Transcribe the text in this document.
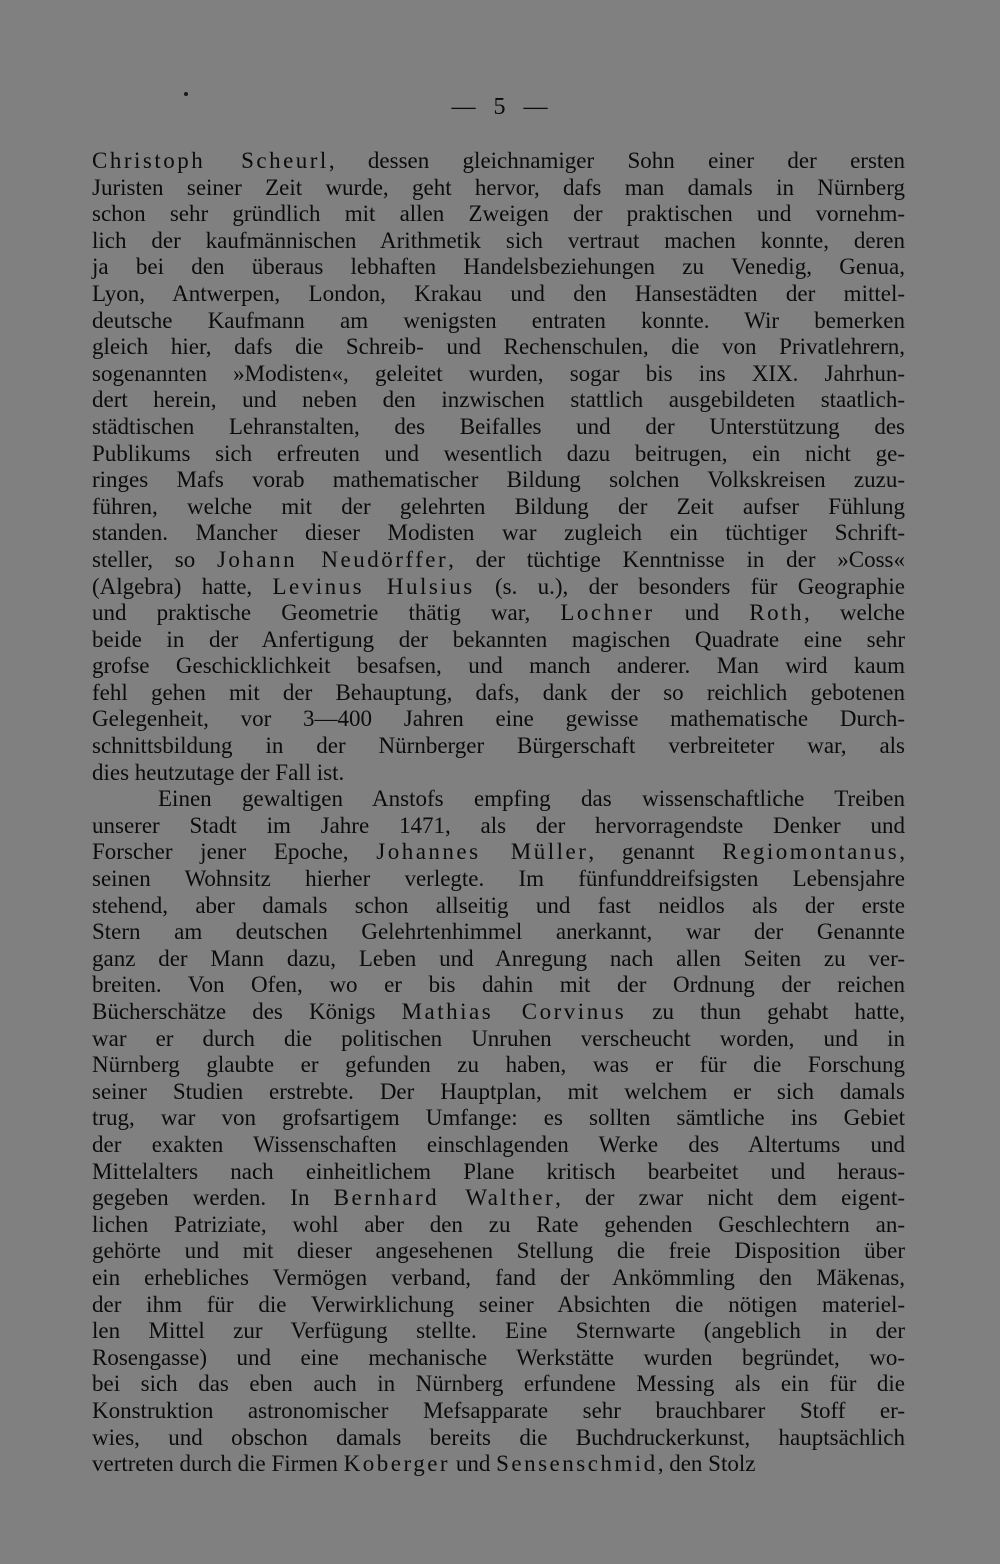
— 5 —
Christoph Scheurl, dessen gleichnamiger Sohn einer der ersten
Juristen seiner Zeit wurde, geht hervor, dafs man damals in Nürnberg
schon sehr gründlich mit allen Zweigen der praktischen und vornehm-
lich der kaufmännischen Arithmetik sich vertraut machen konnte, deren
ja bei den überaus lebhaften Handelsbeziehungen zu Venedig, Genua,
Lyon, Antwerpen, London, Krakau und den Hansestädten der mittel-
deutsche Kaufmann am wenigsten entraten konnte. Wir bemerken
gleich hier, dafs die Schreib- und Rechenschulen, die von Privatlehrern,
sogenannten »Modisten«, geleitet wurden, sogar bis ins XIX. Jahrhun-
dert herein, und neben den inzwischen stattlich ausgebildeten staatlich-
städtischen Lehranstalten, des Beifalles und der Unterstützung des
Publikums sich erfreuten und wesentlich dazu beitrugen, ein nicht ge-
ringes Mafs vorab mathematischer Bildung solchen Volkskreisen zuzu-
führen, welche mit der gelehrten Bildung der Zeit aufser Fühlung
standen. Mancher dieser Modisten war zugleich ein tüchtiger Schrift-
steller, so Johann Neudörffer, der tüchtige Kenntnisse in der »Coss«
(Algebra) hatte, Levinus Hulsius (s. u.), der besonders für Geographie
und praktische Geometrie thätig war, Lochner und Roth, welche
beide in der Anfertigung der bekannten magischen Quadrate eine sehr
grofse Geschicklichkeit besafsen, und manch anderer. Man wird kaum
fehl gehen mit der Behauptung, dafs, dank der so reichlich gebotenen
Gelegenheit, vor 3—400 Jahren eine gewisse mathematische Durch-
schnittsbildung in der Nürnberger Bürgerschaft verbreiteter war, als
dies heutzutage der Fall ist.
Einen gewaltigen Anstofs empfing das wissenschaftliche Treiben
unserer Stadt im Jahre 1471, als der hervorragendste Denker und
Forscher jener Epoche, Johannes Müller, genannt Regiomontanus,
seinen Wohnsitz hierher verlegte. Im fünfunddreifsigsten Lebensjahre
stehend, aber damals schon allseitig und fast neidlos als der erste
Stern am deutschen Gelehrtenhimmel anerkannt, war der Genannte
ganz der Mann dazu, Leben und Anregung nach allen Seiten zu ver-
breiten. Von Ofen, wo er bis dahin mit der Ordnung der reichen
Bücherschätze des Königs Mathias Corvinus zu thun gehabt hatte,
war er durch die politischen Unruhen verscheucht worden, und in
Nürnberg glaubte er gefunden zu haben, was er für die Forschung
seiner Studien erstrebte. Der Hauptplan, mit welchem er sich damals
trug, war von grofsartigem Umfange: es sollten sämtliche ins Gebiet
der exakten Wissenschaften einschlagenden Werke des Altertums und
Mittelalters nach einheitlichem Plane kritisch bearbeitet und heraus-
gegeben werden. In Bernhard Walther, der zwar nicht dem eigent-
lichen Patriziate, wohl aber den zu Rate gehenden Geschlechtern an-
gehörte und mit dieser angesehenen Stellung die freie Disposition über
ein erhebliches Vermögen verband, fand der Ankömmling den Mäkenas,
der ihm für die Verwirklichung seiner Absichten die nötigen materiel-
len Mittel zur Verfügung stellte. Eine Sternwarte (angeblich in der
Rosengasse) und eine mechanische Werkstätte wurden begründet, wo-
bei sich das eben auch in Nürnberg erfundene Messing als ein für die
Konstruktion astronomischer Mefsapparate sehr brauchbarer Stoff er-
wies, und obschon damals bereits die Buchdruckerkunst, hauptsächlich
vertreten durch die Firmen Koberger und Sensenschmid, den Stolz
